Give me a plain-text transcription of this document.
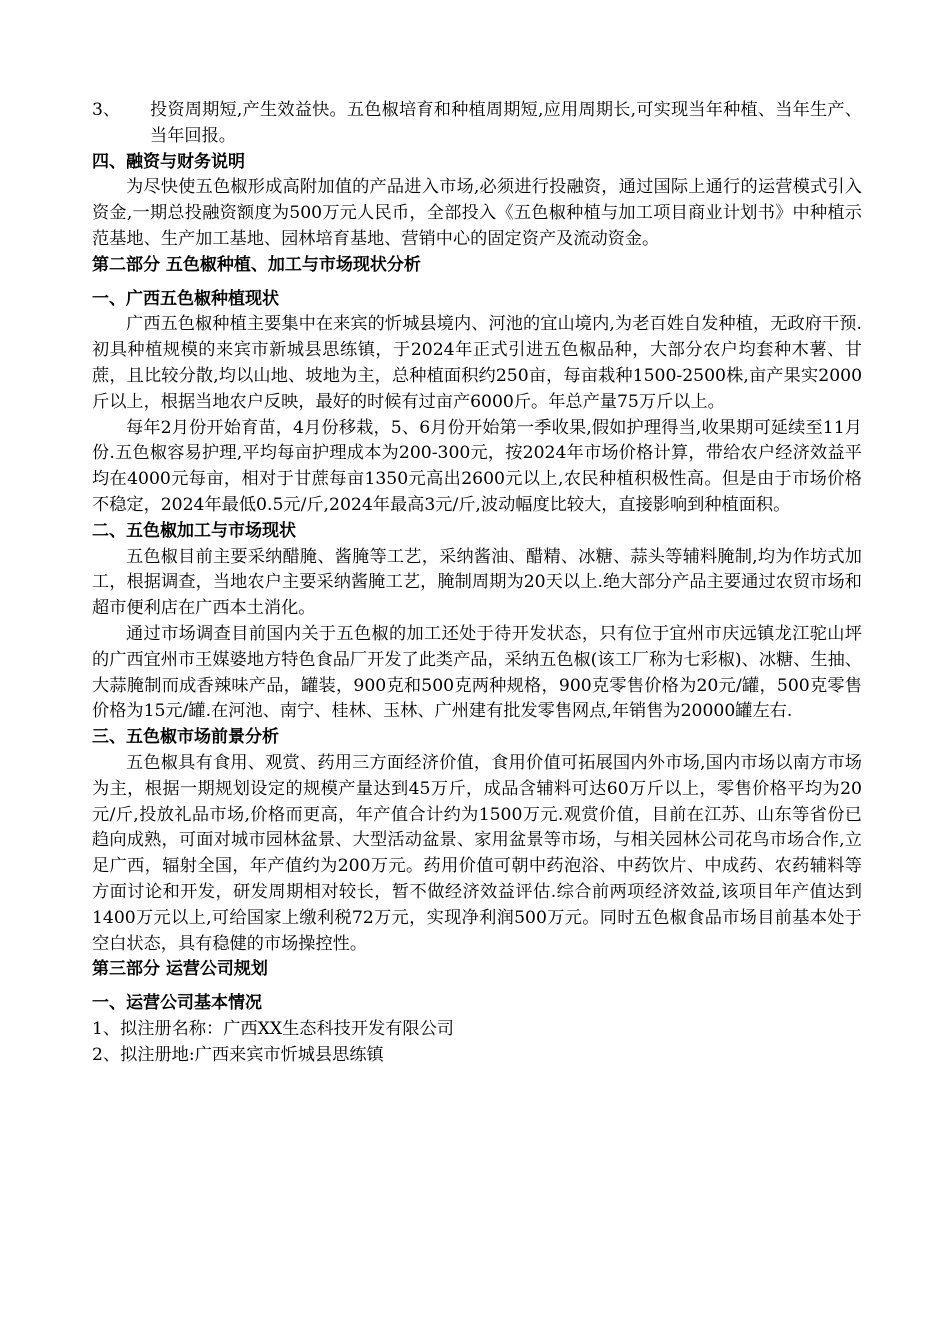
3、 投资周期短,产生效益快。五色椒培育和种植周期短,应用周期长,可实现当年种植、当年生产、当年回报。

四、融资与财务说明

为尽快使五色椒形成高附加值的产品进入市场,必须进行投融资，通过国际上通行的运营模式引入资金,一期总投融资额度为500万元人民币，全部投入《五色椒种植与加工项目商业计划书》中种植示范基地、生产加工基地、园林培育基地、营销中心的固定资产及流动资金。

第二部分 五色椒种植、加工与市场现状分析

一、广西五色椒种植现状

广西五色椒种植主要集中在来宾的忻城县境内、河池的宜山境内,为老百姓自发种植，无政府干预.初具种植规模的来宾市新城县思练镇，于2024年正式引进五色椒品种，大部分农户均套种木薯、甘蔗，且比较分散,均以山地、坡地为主，总种植面积约250亩，每亩栽种1500-2500株,亩产果实2000斤以上，根据当地农户反映，最好的时候有过亩产6000斤。年总产量75万斤以上。

每年2月份开始育苗，4月份移栽，5、6月份开始第一季收果,假如护理得当,收果期可延续至11月份.五色椒容易护理,平均每亩护理成本为200-300元，按2024年市场价格计算，带给农户经济效益平均在4000元每亩，相对于甘蔗每亩1350元高出2600元以上,农民种植积极性高。但是由于市场价格不稳定，2024年最低0.5元/斤,2024年最高3元/斤,波动幅度比较大，直接影响到种植面积。

二、五色椒加工与市场现状

五色椒目前主要采纳醋腌、酱腌等工艺，采纳酱油、醋精、冰糖、蒜头等辅料腌制,均为作坊式加工，根据调查，当地农户主要采纳酱腌工艺，腌制周期为20天以上.绝大部分产品主要通过农贸市场和超市便利店在广西本土消化。

通过市场调查目前国内关于五色椒的加工还处于待开发状态，只有位于宜州市庆远镇龙江驼山坪的广西宜州市王媒婆地方特色食品厂开发了此类产品，采纳五色椒(该工厂称为七彩椒)、冰糖、生抽、大蒜腌制而成香辣味产品，罐装，900克和500克两种规格，900克零售价格为20元/罐，500克零售价格为15元/罐.在河池、南宁、桂林、玉林、广州建有批发零售网点,年销售为20000罐左右.

三、五色椒市场前景分析

五色椒具有食用、观赏、药用三方面经济价值，食用价值可拓展国内外市场,国内市场以南方市场为主，根据一期规划设定的规模产量达到45万斤，成品含辅料可达60万斤以上，零售价格平均为20元/斤,投放礼品市场,价格而更高，年产值合计约为1500万元.观赏价值，目前在江苏、山东等省份已趋向成熟，可面对城市园林盆景、大型活动盆景、家用盆景等市场，与相关园林公司花鸟市场合作,立足广西，辐射全国，年产值约为200万元。药用价值可朝中药泡浴、中药饮片、中成药、农药辅料等方面讨论和开发，研发周期相对较长，暂不做经济效益评估.综合前两项经济效益,该项目年产值达到1400万元以上,可给国家上缴利税72万元，实现净利润500万元。同时五色椒食品市场目前基本处于空白状态，具有稳健的市场操控性。

第三部分 运营公司规划

一、运营公司基本情况

1、拟注册名称：广西XX生态科技开发有限公司

2、拟注册地:广西来宾市忻城县思练镇
